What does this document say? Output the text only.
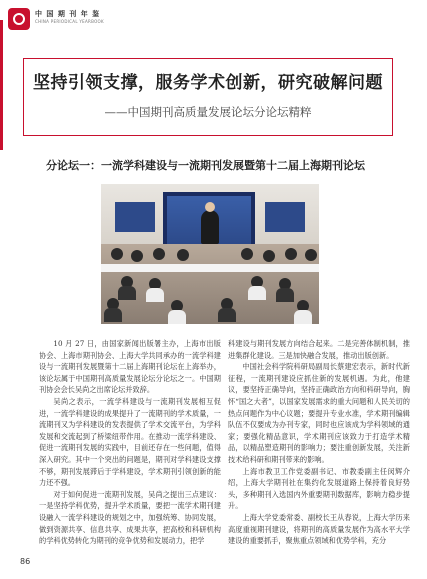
中 国 期 刊 年 鉴
CHINA PERIODICAL YEARBOOK
坚持引领支撑，服务学术创新，研究破解问题
——中国期刊高质量发展论坛分论坛精粹
分论坛一：一流学科建设与一流期刊发展暨第十二届上海期刊论坛

10 月 27 日，由国家新闻出版署主办，上海市出版协会、上海市期刊协会、上海大学共同承办的一流学科建设与一流期刊发展暨第十二届上海期刊论坛在上海举办，该论坛属于中国期刊高质量发展论坛分论坛之一。中国期刊协会会长吴尚之出席论坛并致辞。

吴尚之表示，一流学科建设与一流期刊发展相互促进，一流学科建设的成果提升了一流期刊的学术质量，一流期刊又为学科建设的发表提供了学术交流平台，为学科发展和交流起到了桥梁纽带作用。在推动一流学科建设、促进一流期刊发展的实践中，目前还存在一些问题，值得深入研究。其中一个突出的问题是，期刊对学科建设支撑不够，期刊发展滞后于学科建设，学术期刊引领创新的能力还不强。

对于如何促进一流期刊发展，吴尚之提出三点建议：一是坚持学科优势，提升学术质量，要把一流学术期刊建设融入一流学科建设的规划之中，加强统筹、协同发展，做到资源共享、信息共享、成果共享，把高校和科研机构的学科优势转化为期刊的竞争优势和发展动力，把学

科建设与期刊发展方向结合起来。二是完善体制机制，推进集群化建设。三是加快融合发展，推动出版创新。

中国社会科学院科研局副局长蔡建宏表示，新时代新征程，一流期刊建设应抓住新的发展机遇。为此，他建议，要坚持正确导向，坚持正确政治方向和科研导向，胸怀“国之大者”，以国家发展需求的重大问题和人民关切的热点问题作为中心议题；要提升专业水准，学术期刊编辑队伍不仅要成为办刊专家，同时也应该成为学科领域的通家；要强化精品意识，学术期刊应该致力于打造学术精品，以精品塑造期刊的影响力；要注重创新发展，关注新技术给科研和期刊带来的影响。

上海市教卫工作党委副书记、市教委副主任闵辉介绍，上海大学期刊社在集约化发展道路上保持着良好势头，多种期刊入选国内外重要期刊数据库，影响力稳步提升。

上海大学党委常委、副校长王从春说，上海大学历来高度重视期刊建设，将期刊的高质量发展作为高水平大学建设的重要抓手，聚焦重点领域和优势学科，充分

86
